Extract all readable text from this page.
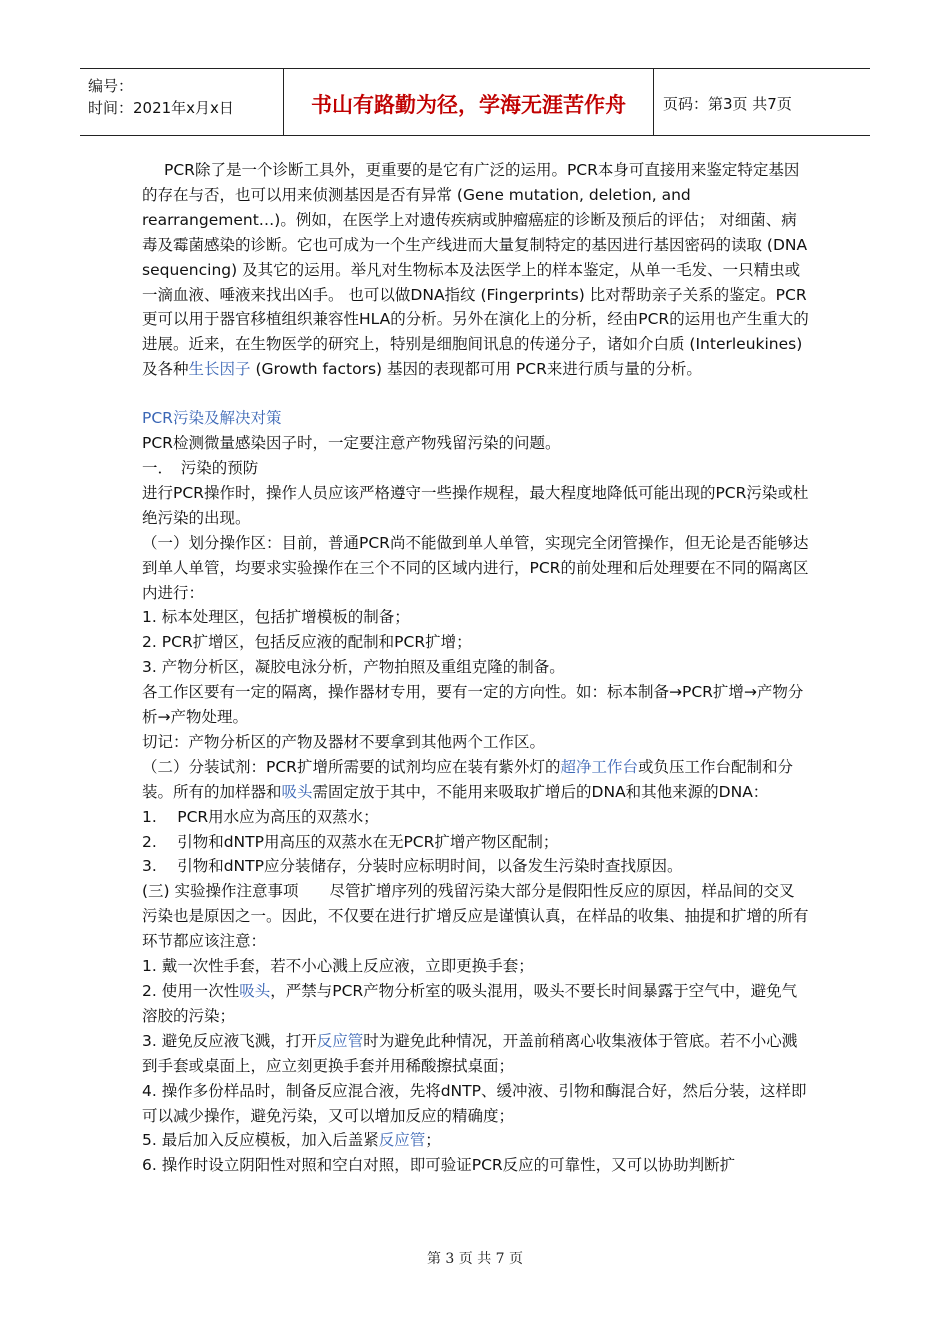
编号：
时间：2021年x月x日	书山有路勤为径，学海无涯苦作舟	页码：第3页 共7页

PCR除了是一个诊断工具外，更重要的是它有广泛的运用。PCR本身可直接用来鉴定特定基因的存在与否，也可以用来侦测基因是否有异常 (Gene mutation, deletion, and rearrangement…)。例如，在医学上对遗传疾病或肿瘤癌症的诊断及预后的评估； 对细菌、病毒及霉菌感染的诊断。它也可成为一个生产线进而大量复制特定的基因进行基因密码的读取 (DNA sequencing) 及其它的运用。举凡对生物标本及法医学上的样本鉴定，从单一毛发、一只精虫或一滴血液、唾液来找出凶手。 也可以做DNA指纹 (Fingerprints) 比对帮助亲子关系的鉴定。PCR更可以用于器官移植组织兼容性HLA的分析。另外在演化上的分析，经由PCR的运用也产生重大的进展。近来，在生物医学的研究上，特别是细胞间讯息的传递分子，诸如介白质 (Interleukines) 及各种生长因子 (Growth factors) 基因的表现都可用 PCR来进行质与量的分析。

PCR污染及解决对策

PCR检测微量感染因子时，一定要注意产物残留污染的问题。

一．　污染的预防

进行PCR操作时，操作人员应该严格遵守一些操作规程，最大程度地降低可能出现的PCR污染或杜绝污染的出现。

（一）划分操作区：目前，普通PCR尚不能做到单人单管，实现完全闭管操作，但无论是否能够达到单人单管，均要求实验操作在三个不同的区域内进行，PCR的前处理和后处理要在不同的隔离区内进行：

1. 标本处理区，包括扩增模板的制备；

2. PCR扩增区，包括反应液的配制和PCR扩增；

3. 产物分析区，凝胶电泳分析，产物拍照及重组克隆的制备。

各工作区要有一定的隔离，操作器材专用，要有一定的方向性。如：标本制备→PCR扩增→产物分析→产物处理。

切记：产物分析区的产物及器材不要拿到其他两个工作区。

（二）分装试剂：PCR扩增所需要的试剂均应在装有紫外灯的超净工作台或负压工作台配制和分装。所有的加样器和吸头需固定放于其中，不能用来吸取扩增后的DNA和其他来源的DNA：

1.　 PCR用水应为高压的双蒸水；

2.　 引物和dNTP用高压的双蒸水在无PCR扩增产物区配制；

3.　 引物和dNTP应分装储存，分装时应标明时间，以备发生污染时查找原因。

(三) 实验操作注意事项　　尽管扩增序列的残留污染大部分是假阳性反应的原因，样品间的交叉污染也是原因之一。因此，不仅要在进行扩增反应是谨慎认真，在样品的收集、抽提和扩增的所有环节都应该注意：

1. 戴一次性手套，若不小心溅上反应液，立即更换手套；

2. 使用一次性吸头，严禁与PCR产物分析室的吸头混用，吸头不要长时间暴露于空气中，避免气溶胶的污染；

3. 避免反应液飞溅，打开反应管时为避免此种情况，开盖前稍离心收集液体于管底。若不小心溅到手套或桌面上，应立刻更换手套并用稀酸擦拭桌面；

4. 操作多份样品时，制备反应混合液，先将dNTP、缓冲液、引物和酶混合好，然后分装，这样即可以减少操作，避免污染，又可以增加反应的精确度；

5. 最后加入反应模板，加入后盖紧反应管；

6. 操作时设立阴阳性对照和空白对照，即可验证PCR反应的可靠性，又可以协助判断扩

第 3 页 共 7 页
